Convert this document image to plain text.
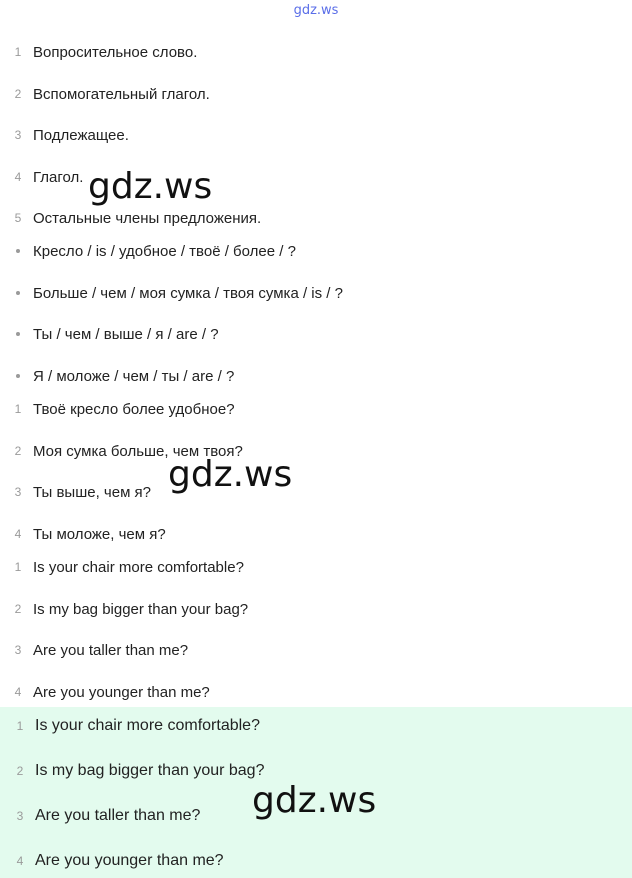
gdz.ws
1 Вопросительное слово.
2 Вспомогательный глагол.
3 Подлежащее.
4 Глагол.
5 Остальные члены предложения.
Кресло / is / удобное / твоё / более / ?
Больше / чем / моя сумка / твоя сумка / is / ?
Ты / чем / выше / я / are / ?
Я / моложе / чем / ты / are / ?
1 Твоё кресло более удобное?
2 Моя сумка больше, чем твоя?
3 Ты выше, чем я?
4 Ты моложе, чем я?
1 Is your chair more comfortable?
2 Is my bag bigger than your bag?
3 Are you taller than me?
4 Are you younger than me?
1 Is your chair more comfortable?
2 Is my bag bigger than your bag?
3 Are you taller than me?
4 Are you younger than me?
gdz.ws
gdz.ws
gdz.ws
